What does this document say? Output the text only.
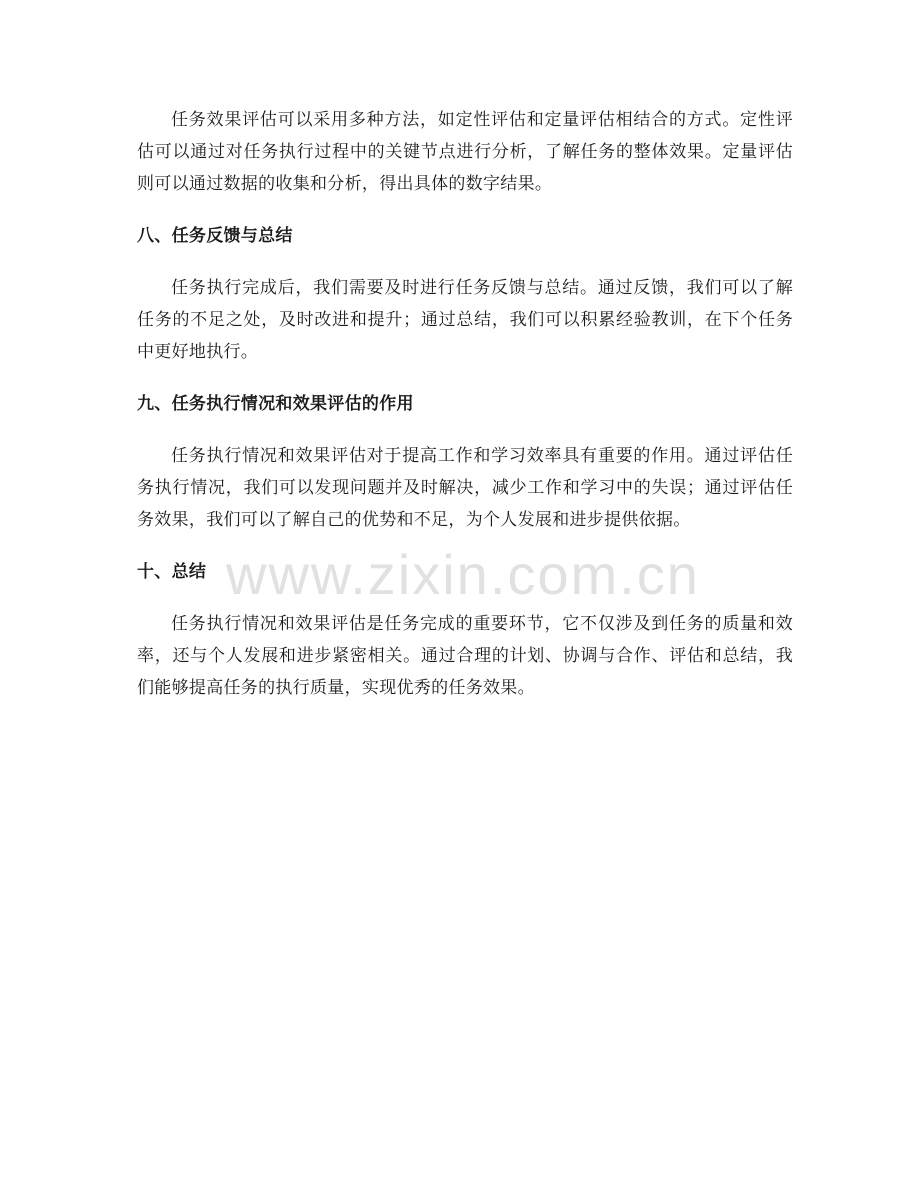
任务效果评估可以采用多种方法，如定性评估和定量评估相结合的方式。定性评估可以通过对任务执行过程中的关键节点进行分析，了解任务的整体效果。定量评估则可以通过数据的收集和分析，得出具体的数字结果。

八、任务反馈与总结

任务执行完成后，我们需要及时进行任务反馈与总结。通过反馈，我们可以了解任务的不足之处，及时改进和提升；通过总结，我们可以积累经验教训，在下个任务中更好地执行。

九、任务执行情况和效果评估的作用

任务执行情况和效果评估对于提高工作和学习效率具有重要的作用。通过评估任务执行情况，我们可以发现问题并及时解决，减少工作和学习中的失误；通过评估任务效果，我们可以了解自己的优势和不足，为个人发展和进步提供依据。

十、总结

任务执行情况和效果评估是任务完成的重要环节，它不仅涉及到任务的质量和效率，还与个人发展和进步紧密相关。通过合理的计划、协调与合作、评估和总结，我们能够提高任务的执行质量，实现优秀的任务效果。

www.zixin.com.cn
